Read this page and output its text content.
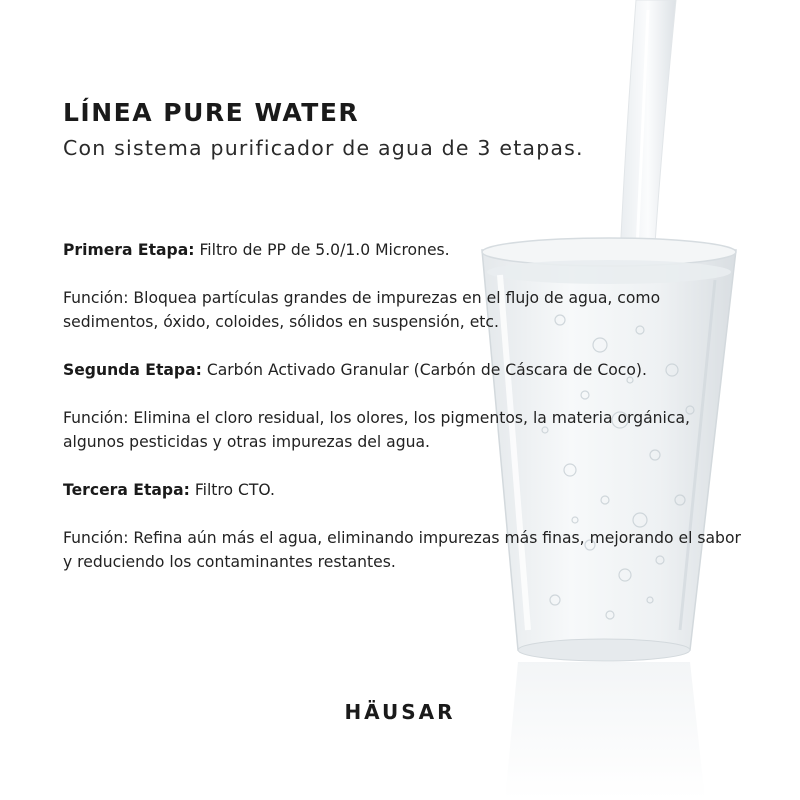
LÍNEA PURE WATER
Con sistema purificador de agua de 3 etapas.

Primera Etapa: Filtro de PP de 5.0/1.0 Micrones.

Función: Bloquea partículas grandes de impurezas en el flujo de agua, como sedimentos, óxido, coloides, sólidos en suspensión, etc.

Segunda Etapa: Carbón Activado Granular (Carbón de Cáscara de Coco).

Función: Elimina el cloro residual, los olores, los pigmentos, la materia orgánica, algunos pesticidas y otras impurezas del agua.

Tercera Etapa: Filtro CTO.

Función: Refina aún más el agua, eliminando impurezas más finas, mejorando el sabor y reduciendo los contaminantes restantes.

HÄUSAR
